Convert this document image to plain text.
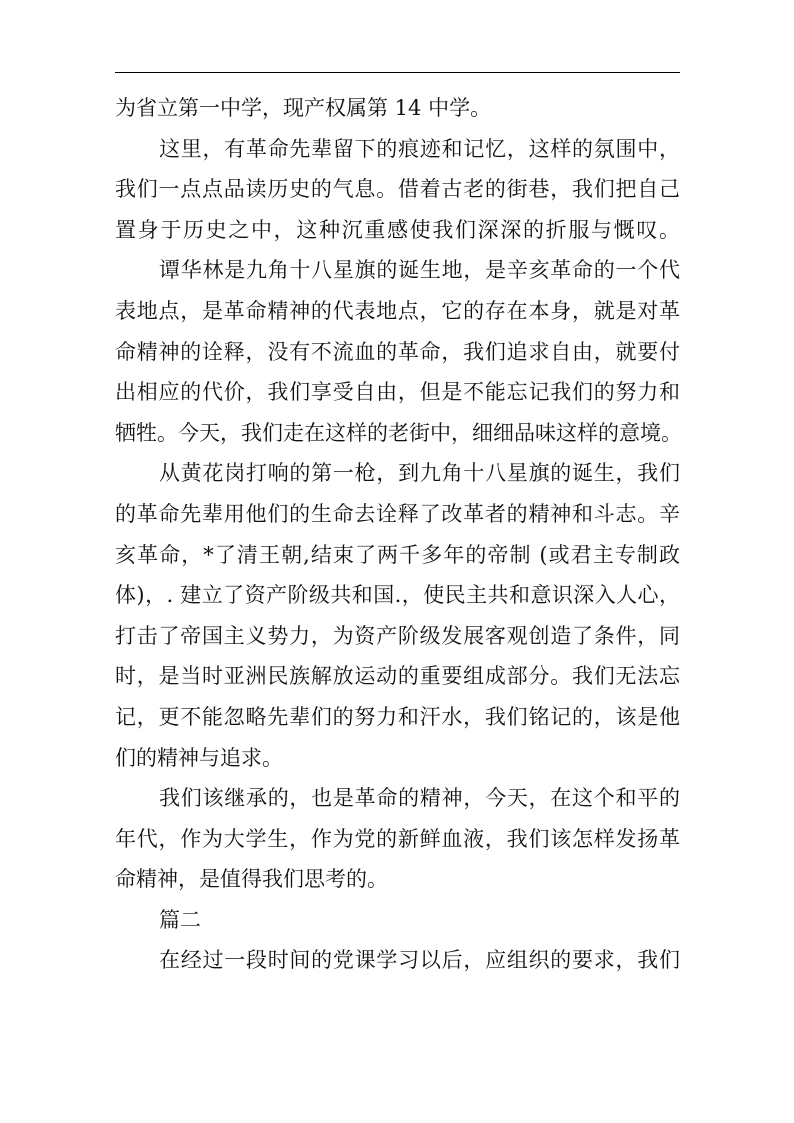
为省立第一中学，现产权属第 14 中学。
这里，有革命先辈留下的痕迹和记忆，这样的氛围中，
我们一点点品读历史的气息。借着古老的街巷，我们把自己
置身于历史之中，这种沉重感使我们深深的折服与慨叹。
谭华林是九角十八星旗的诞生地，是辛亥革命的一个代
表地点，是革命精神的代表地点，它的存在本身，就是对革
命精神的诠释，没有不流血的革命，我们追求自由，就要付
出相应的代价，我们享受自由，但是不能忘记我们的努力和
牺牲。今天，我们走在这样的老街中，细细品味这样的意境。
从黄花岗打响的第一枪，到九角十八星旗的诞生，我们
的革命先辈用他们的生命去诠释了改革者的精神和斗志。辛
亥革命，*了清王朝,结束了两千多年的帝制 (或君主专制政
体)，. 建立了资产阶级共和国.，使民主共和意识深入人心，
打击了帝国主义势力，为资产阶级发展客观创造了条件，同
时，是当时亚洲民族解放运动的重要组成部分。我们无法忘
记，更不能忽略先辈们的努力和汗水，我们铭记的，该是他
们的精神与追求。
我们该继承的，也是革命的精神，今天，在这个和平的
年代，作为大学生，作为党的新鲜血液，我们该怎样发扬革
命精神，是值得我们思考的。
篇二
在经过一段时间的党课学习以后，应组织的要求，我们
